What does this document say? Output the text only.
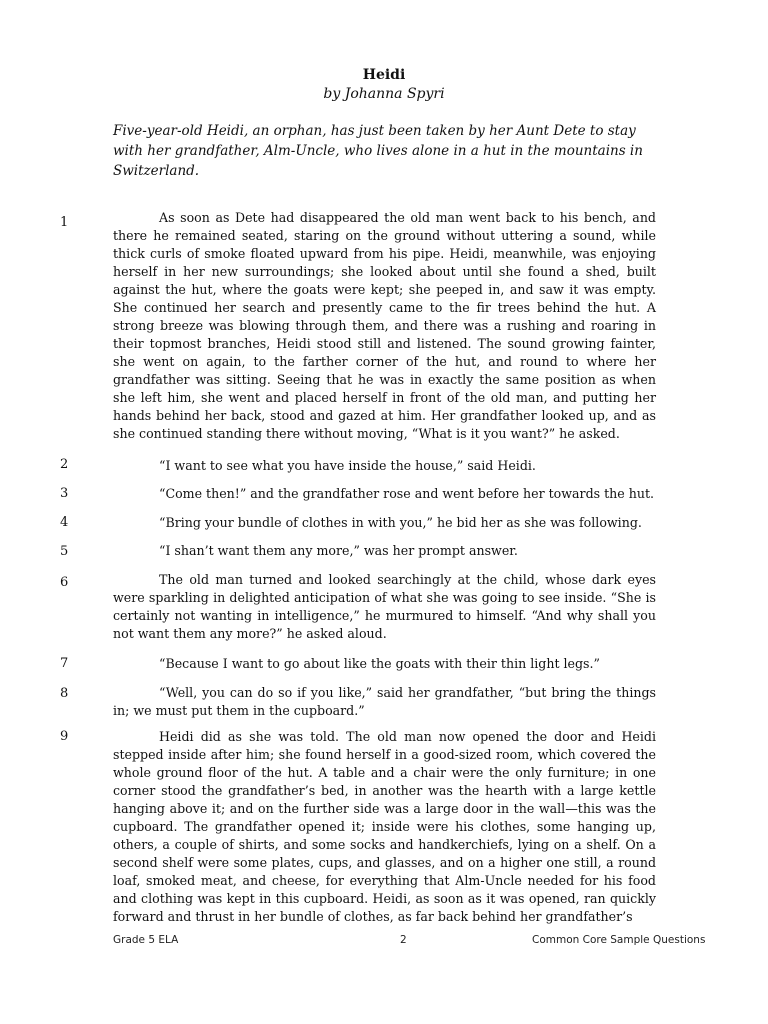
Heidi
by Johanna Spyri
Five-year-old Heidi, an orphan, has just been taken by her Aunt Dete to stay with her grandfather, Alm-Uncle, who lives alone in a hut in the mountains in Switzerland.
1	As soon as Dete had disappeared the old man went back to his bench, and there he remained seated, staring on the ground without uttering a sound, while thick curls of smoke floated upward from his pipe. Heidi, meanwhile, was enjoying herself in her new surroundings; she looked about until she found a shed, built against the hut, where the goats were kept; she peeped in, and saw it was empty. She continued her search and presently came to the fir trees behind the hut. A strong breeze was blowing through them, and there was a rushing and roaring in their topmost branches, Heidi stood still and listened. The sound growing fainter, she went on again, to the farther corner of the hut, and round to where her grandfather was sitting. Seeing that he was in exactly the same position as when she left him, she went and placed herself in front of the old man, and putting her hands behind her back, stood and gazed at him. Her grandfather looked up, and as she continued standing there without moving, “What is it you want?” he asked.
2	“I want to see what you have inside the house,” said Heidi.
3	“Come then!” and the grandfather rose and went before her towards the hut.
4	“Bring your bundle of clothes in with you,” he bid her as she was following.
5	“I shan’t want them any more,” was her prompt answer.
6	The old man turned and looked searchingly at the child, whose dark eyes were sparkling in delighted anticipation of what she was going to see inside. “She is certainly not wanting in intelligence,” he murmured to himself. “And why shall you not want them any more?” he asked aloud.
7	“Because I want to go about like the goats with their thin light legs.”
8	“Well, you can do so if you like,” said her grandfather, “but bring the things in; we must put them in the cupboard.”
9	Heidi did as she was told. The old man now opened the door and Heidi stepped inside after him; she found herself in a good-sized room, which covered the whole ground floor of the hut. A table and a chair were the only furniture; in one corner stood the grandfather’s bed, in another was the hearth with a large kettle hanging above it; and on the further side was a large door in the wall—this was the cupboard. The grandfather opened it; inside were his clothes, some hanging up, others, a couple of shirts, and some socks and handkerchiefs, lying on a shelf. On a second shelf were some plates, cups, and glasses, and on a higher one still, a round loaf, smoked meat, and cheese, for everything that Alm-Uncle needed for his food and clothing was kept in this cupboard. Heidi, as soon as it was opened, ran quickly forward and thrust in her bundle of clothes, as far back behind her grandfather’s
Grade 5 ELA	2	Common Core Sample Questions
